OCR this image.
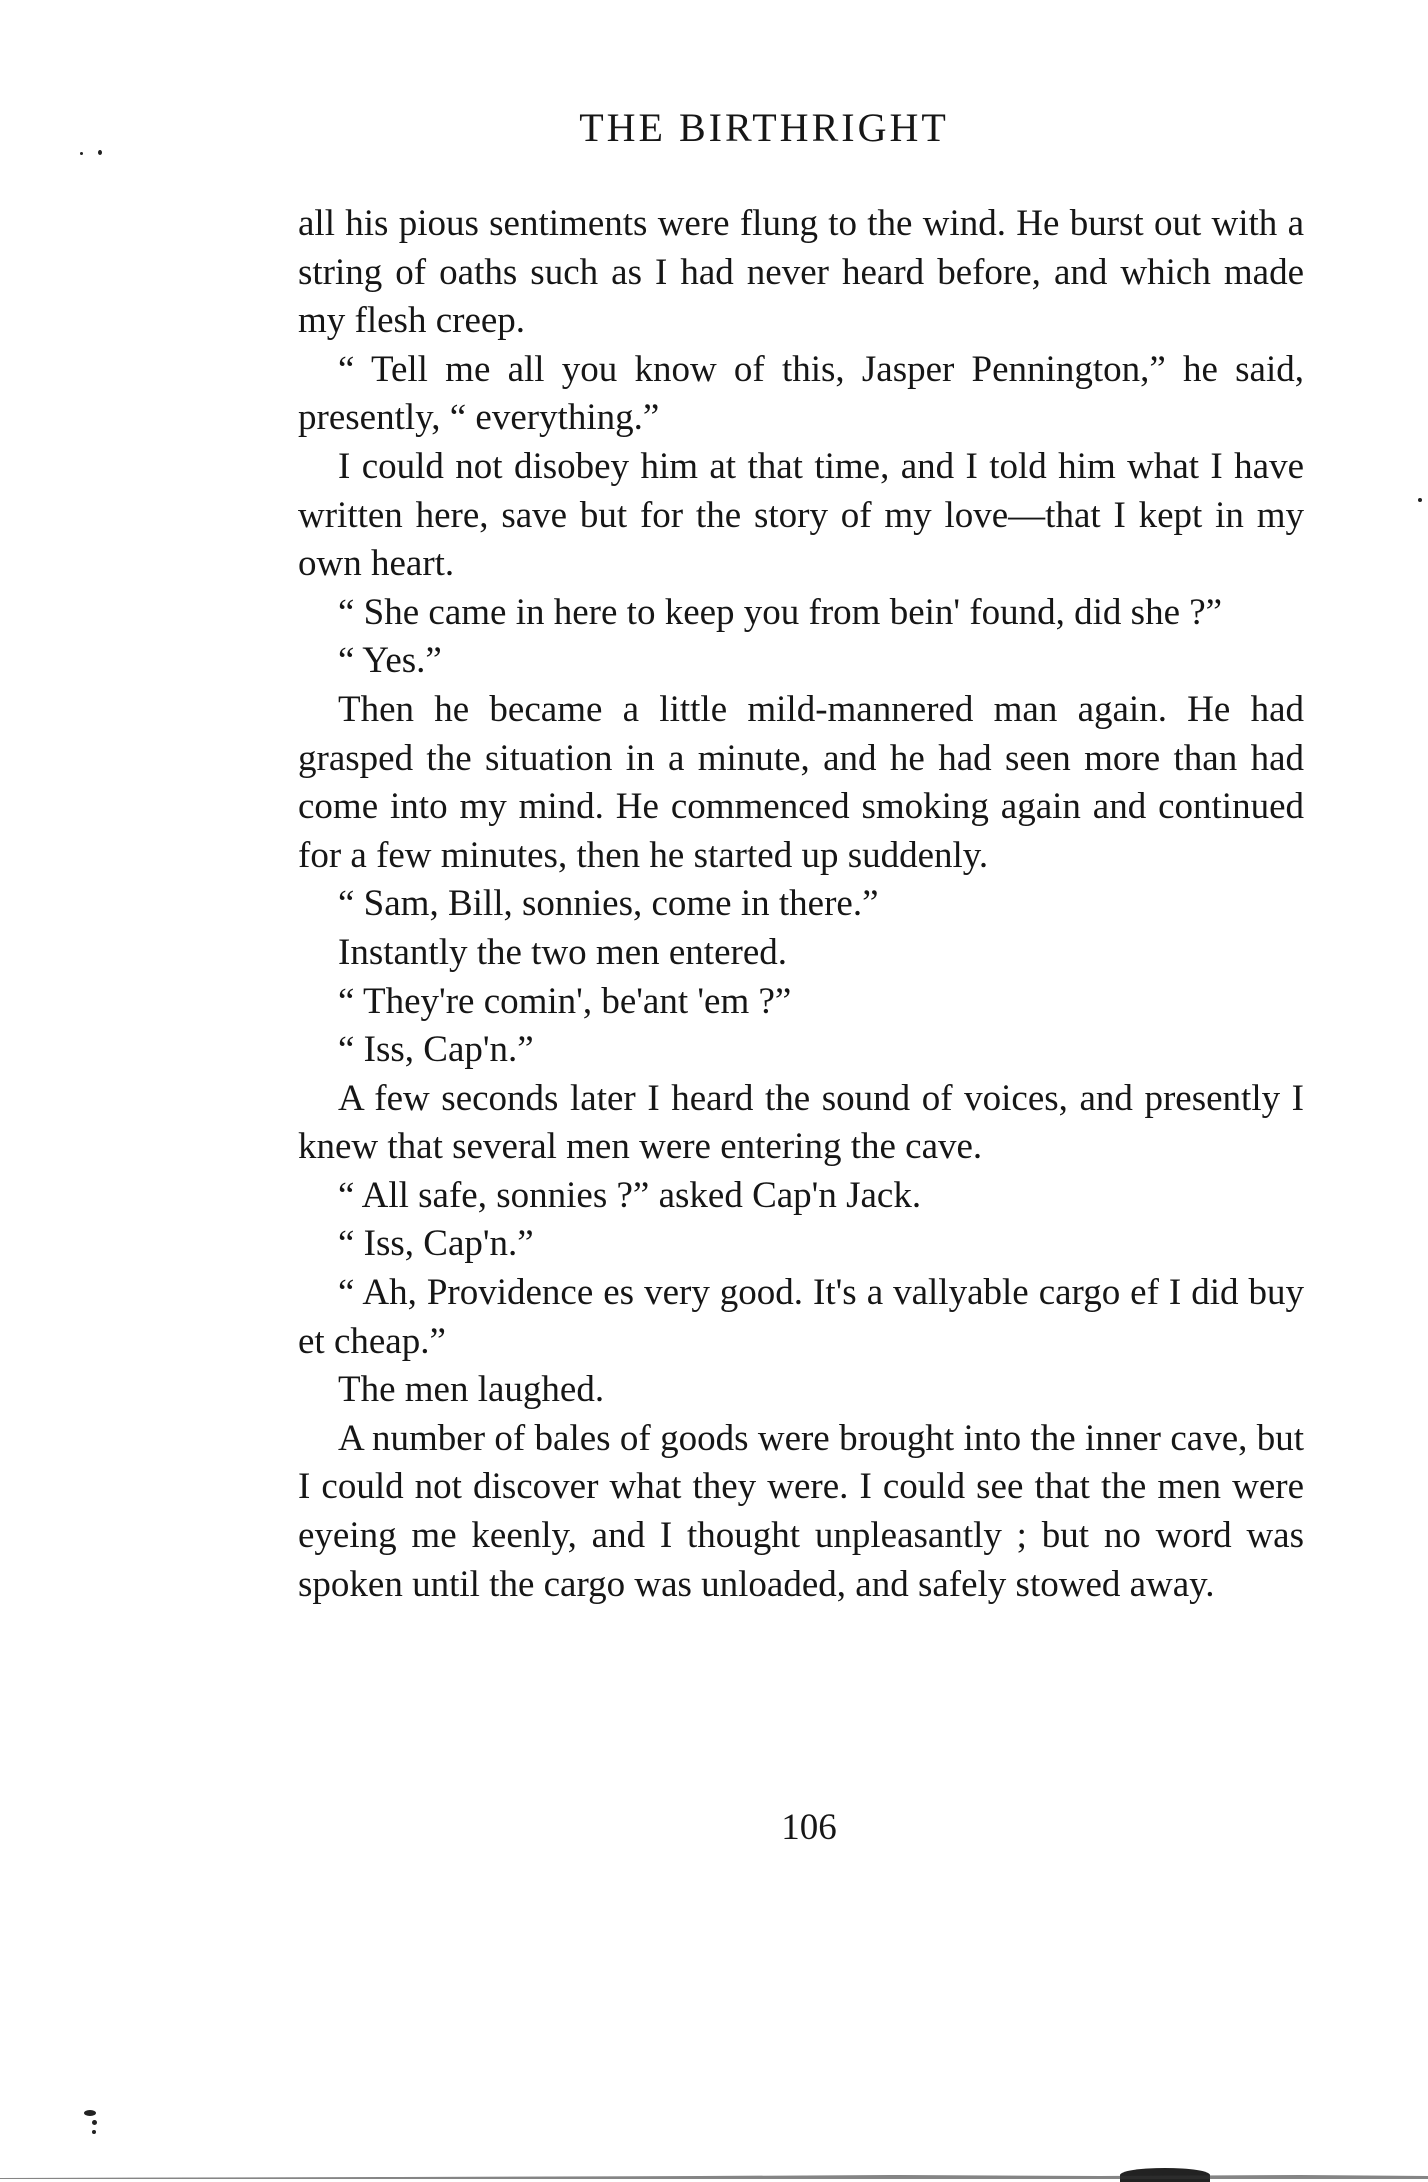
THE BIRTHRIGHT

all his pious sentiments were flung to the wind. He burst out with a string of oaths such as I had never heard before, and which made my flesh creep.

“ Tell me all you know of this, Jasper Pennington,” he said, presently, “ everything.”

I could not disobey him at that time, and I told him what I have written here, save but for the story of my love—that I kept in my own heart.

“ She came in here to keep you from bein' found, did she ?”

“ Yes.”

Then he became a little mild-mannered man again. He had grasped the situation in a minute, and he had seen more than had come into my mind. He commenced smoking again and continued for a few minutes, then he started up suddenly.

“ Sam, Bill, sonnies, come in there.”

Instantly the two men entered.

“ They're comin', be'ant 'em ?”

“ Iss, Cap'n.”

A few seconds later I heard the sound of voices, and presently I knew that several men were entering the cave.

“ All safe, sonnies ?” asked Cap'n Jack.

“ Iss, Cap'n.”

“ Ah, Providence es very good. It's a vallyable cargo ef I did buy et cheap.”

The men laughed.

A number of bales of goods were brought into the inner cave, but I could not discover what they were. I could see that the men were eyeing me keenly, and I thought unpleasantly ; but no word was spoken until the cargo was unloaded, and safely stowed away.

106
